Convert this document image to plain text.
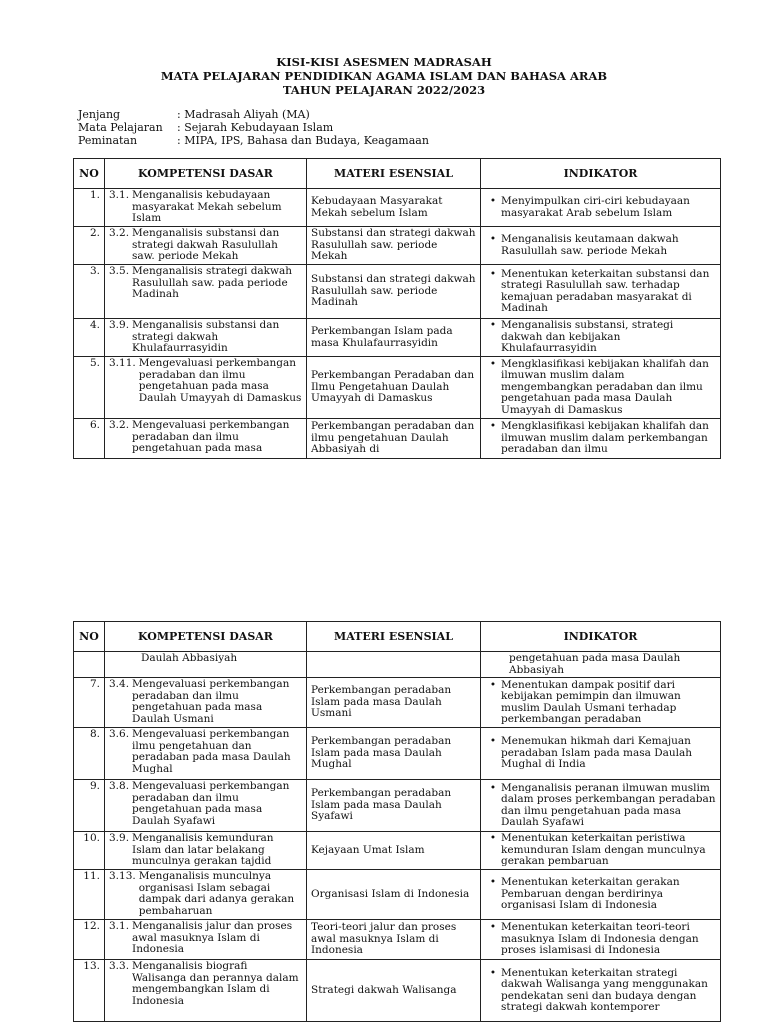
KISI-KISI ASESMEN MADRASAH
MATA PELAJARAN PENDIDIKAN AGAMA ISLAM DAN BAHASA ARAB
TAHUN PELAJARAN 2022/2023
Jenjang	: Madrasah Aliyah (MA)
Mata Pelajaran : Sejarah Kebudayaan Islam
Peminatan	: MIPA, IPS, Bahasa dan Budaya, Keagamaan
NO	KOMPETENSI DASAR	MATERI ESENSIAL	INDIKATOR
1.	3.1. Menganalisis kebudayaan masyarakat Mekah sebelum Islam	Kebudayaan Masyarakat Mekah sebelum Islam	• Menyimpulkan ciri-ciri kebudayaan masyarakat Arab sebelum Islam

2.	3.2. Menganalisis substansi dan strategi dakwah Rasulullah saw. periode Mekah	Substansi dan strategi dakwah Rasulullah saw. periode Mekah	• Menganalisis keutamaan dakwah Rasulullah saw. periode Mekah

3.	3.5. Menganalisis strategi dakwah Rasulullah saw. pada periode Madinah	Substansi dan strategi dakwah Rasulullah saw. periode Madinah	• Menentukan keterkaitan substansi dan strategi Rasulullah saw. terhadap kemajuan peradaban masyarakat di Madinah

4.	3.9. Menganalisis substansi dan strategi dakwah Khulafaurrasyidin	Perkembangan Islam pada masa Khulafaurrasyidin	• Menganalisis substansi, strategi dakwah dan kebijakan Khulafaurrasyidin

5.	3.11. Mengevaluasi perkembangan peradaban dan ilmu pengetahuan pada masa Daulah Umayyah di Damaskus	Perkembangan Peradaban dan Ilmu Pengetahuan Daulah Umayyah di Damaskus	• Mengklasifikasi kebijakan khalifah dan ilmuwan muslim dalam mengembangkan peradaban dan ilmu pengetahuan pada masa Daulah Umayyah di Damaskus

6.	3.2. Mengevaluasi perkembangan peradaban dan ilmu pengetahuan pada masa	Perkembangan peradaban dan ilmu pengetahuan Daulah Abbasiyah di	• Mengklasifikasi kebijakan khalifah dan ilmuwan muslim dalam perkembangan peradaban dan ilmu
NO	KOMPETENSI DASAR	MATERI ESENSIAL	INDIKATOR

	Daulah Abbasiyah		pengetahuan pada masa Daulah Abbasiyah

7.	3.4. Mengevaluasi perkembangan peradaban dan ilmu pengetahuan pada masa Daulah Usmani	Perkembangan peradaban Islam pada masa Daulah Usmani	• Menentukan dampak positif dari kebijakan pemimpin dan ilmuwan muslim Daulah Usmani terhadap perkembangan peradaban

8.	3.6. Mengevaluasi perkembangan ilmu pengetahuan dan peradaban pada masa Daulah Mughal	Perkembangan peradaban Islam pada masa Daulah Mughal	• Menemukan hikmah dari Kemajuan peradaban Islam pada masa Daulah Mughal di India

9.	3.8. Mengevaluasi perkembangan peradaban dan ilmu pengetahuan pada masa Daulah Syafawi	Perkembangan peradaban Islam pada masa Daulah Syafawi	• Menganalisis peranan ilmuwan muslim dalam proses perkembangan peradaban dan ilmu pengetahuan pada masa Daulah Syafawi

10.	3.9. Menganalisis kemunduran Islam dan latar belakang munculnya gerakan tajdid	Kejayaan Umat Islam	• Menentukan keterkaitan peristiwa kemunduran Islam dengan munculnya gerakan pembaruan

11.	3.13. Menganalisis munculnya organisasi Islam sebagai dampak dari adanya gerakan pembaharuan	Organisasi Islam di Indonesia	• Menentukan keterkaitan gerakan Pembaruan dengan berdirinya organisasi Islam di Indonesia

12.	3.1. Menganalisis jalur dan proses awal masuknya Islam di Indonesia	Teori-teori jalur dan proses awal masuknya Islam di Indonesia	• Menentukan keterkaitan teori-teori masuknya Islam di Indonesia dengan proses islamisasi di Indonesia

13.	3.3. Menganalisis biografi Walisanga dan perannya dalam mengembangkan Islam di Indonesia	Strategi dakwah Walisanga	• Menentukan keterkaitan strategi dakwah Walisanga yang menggunakan pendekatan seni dan budaya dengan strategi dakwah kontemporer
